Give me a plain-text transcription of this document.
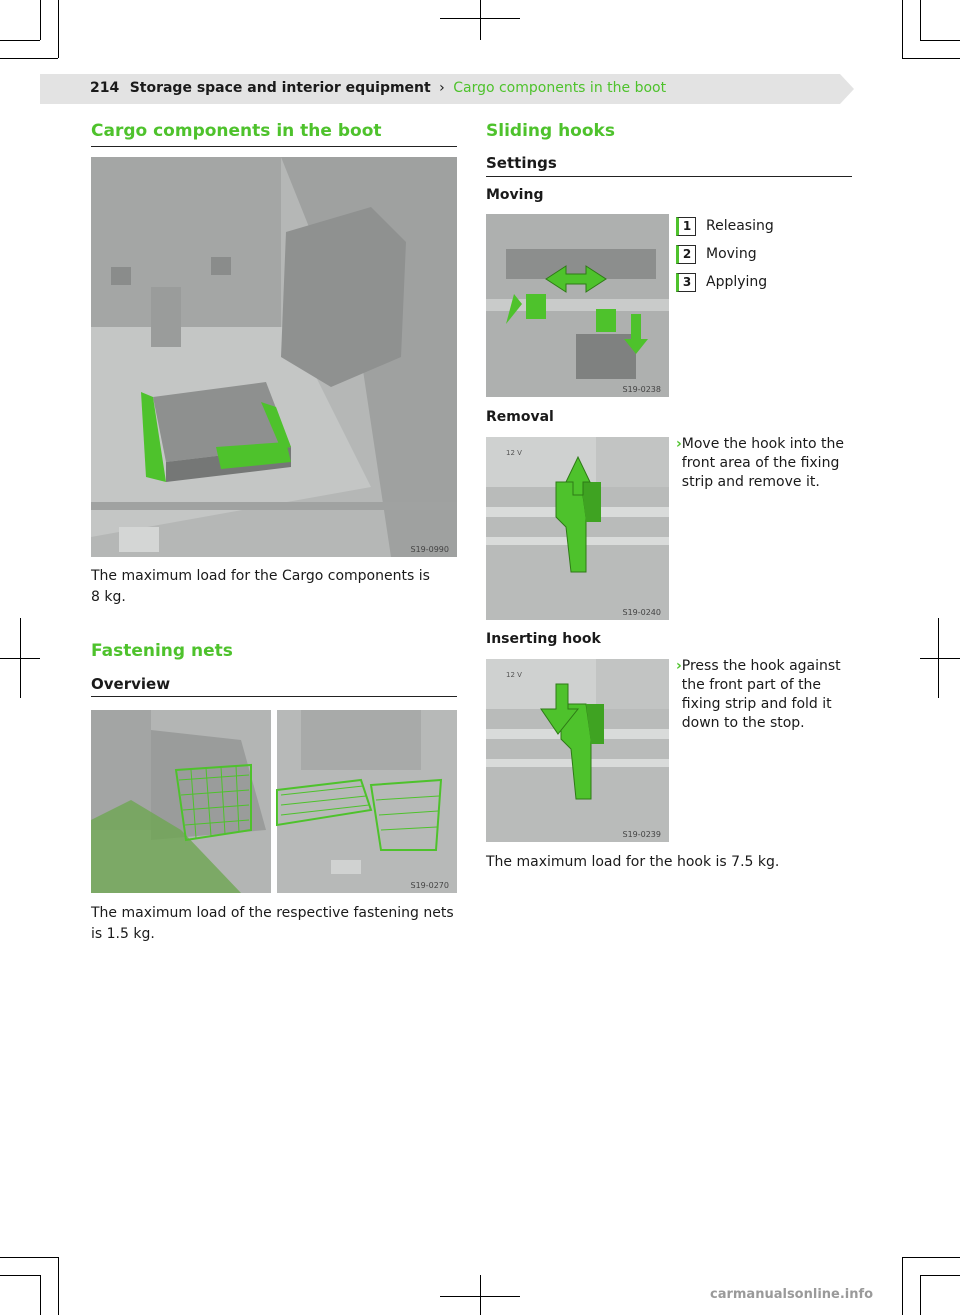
214 Storage space and interior equipment › Cargo components in the boot
Cargo components in the boot
S19-0990
The maximum load for the Cargo components is 8 kg.
Fastening nets
Overview
S19-0270
The maximum load of the respective fastening nets is 1.5 kg.
Sliding hooks
Settings
Moving
S19-0238
1	Releasing
2	Moving
3	Applying
Removal
12 V
S19-0240
› Move the hook into the front area of the fixing strip and remove it.
Inserting hook
12 V
S19-0239
› Press the hook against the front part of the fixing strip and fold it down to the stop.
The maximum load for the hook is 7.5 kg.
carmanualsonline.info
